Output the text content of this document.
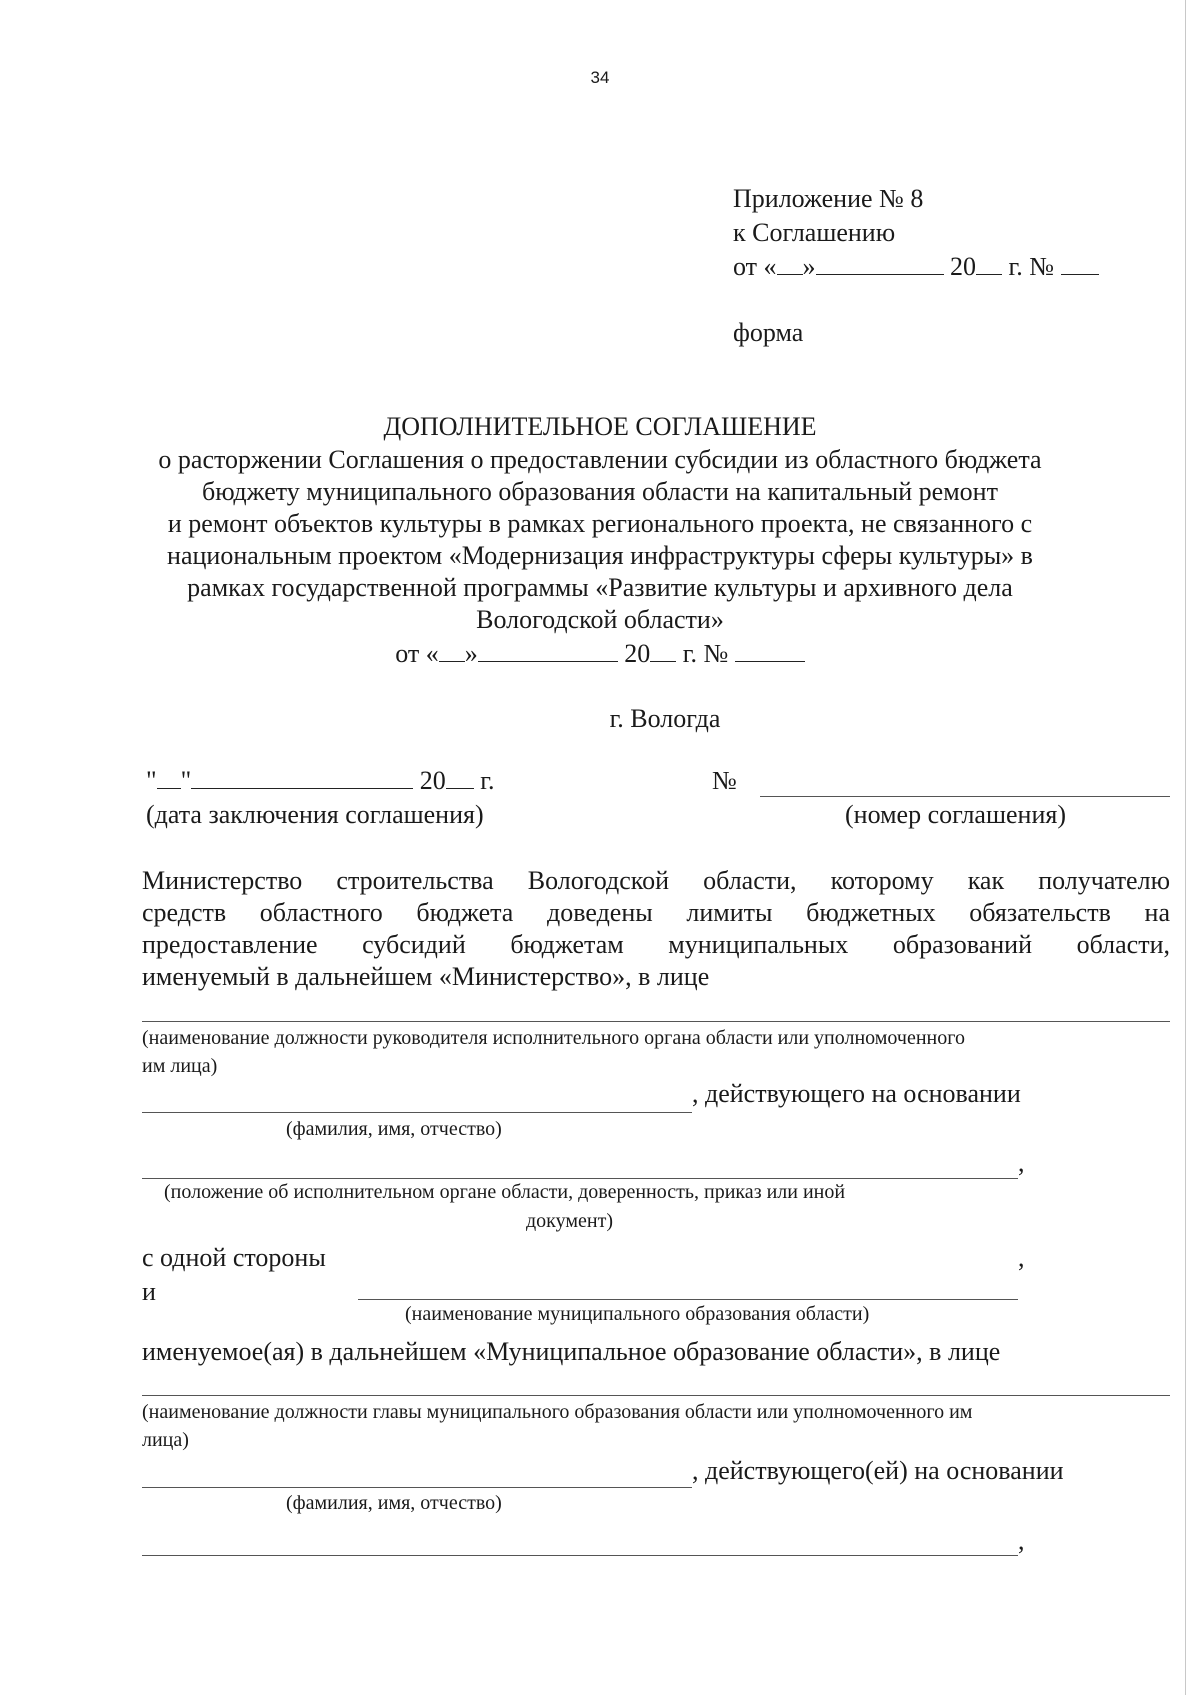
34
Приложение № 8
к Соглашению
от « »	20 г. №
форма
ДОПОЛНИТЕЛЬНОЕ СОГЛАШЕНИЕ
о расторжении Соглашения о предоставлении субсидии из областного бюджета
бюджету муниципального образования области на капитальный ремонт
и ремонт объектов культуры в рамках регионального проекта, не связанного с
национальным проектом «Модернизация инфраструктуры сферы культуры» в
рамках государственной программы «Развитие культуры и архивного дела
Вологодской области»
от « »	20 г. №
г. Вологда
" "	20 г.	№
(дата заключения соглашения)	(номер соглашения)
Министерство строительства Вологодской области, которому как получателю
средств областного бюджета доведены лимиты бюджетных обязательств на
предоставление субсидий бюджетам муниципальных образований области,
именуемый в дальнейшем «Министерство», в лице
(наименование должности руководителя исполнительного органа области или уполномоченного
им лица)
, действующего на основании
(фамилия, имя, отчество)
,
(положение об исполнительном органе области, доверенность, приказ или иной
документ)
с одной стороны	,
и
(наименование муниципального образования области)
именуемое(ая) в дальнейшем «Муниципальное образование области», в лице
(наименование должности главы муниципального образования области или уполномоченного им
лица)
, действующего(ей) на основании
(фамилия, имя, отчество)
,
